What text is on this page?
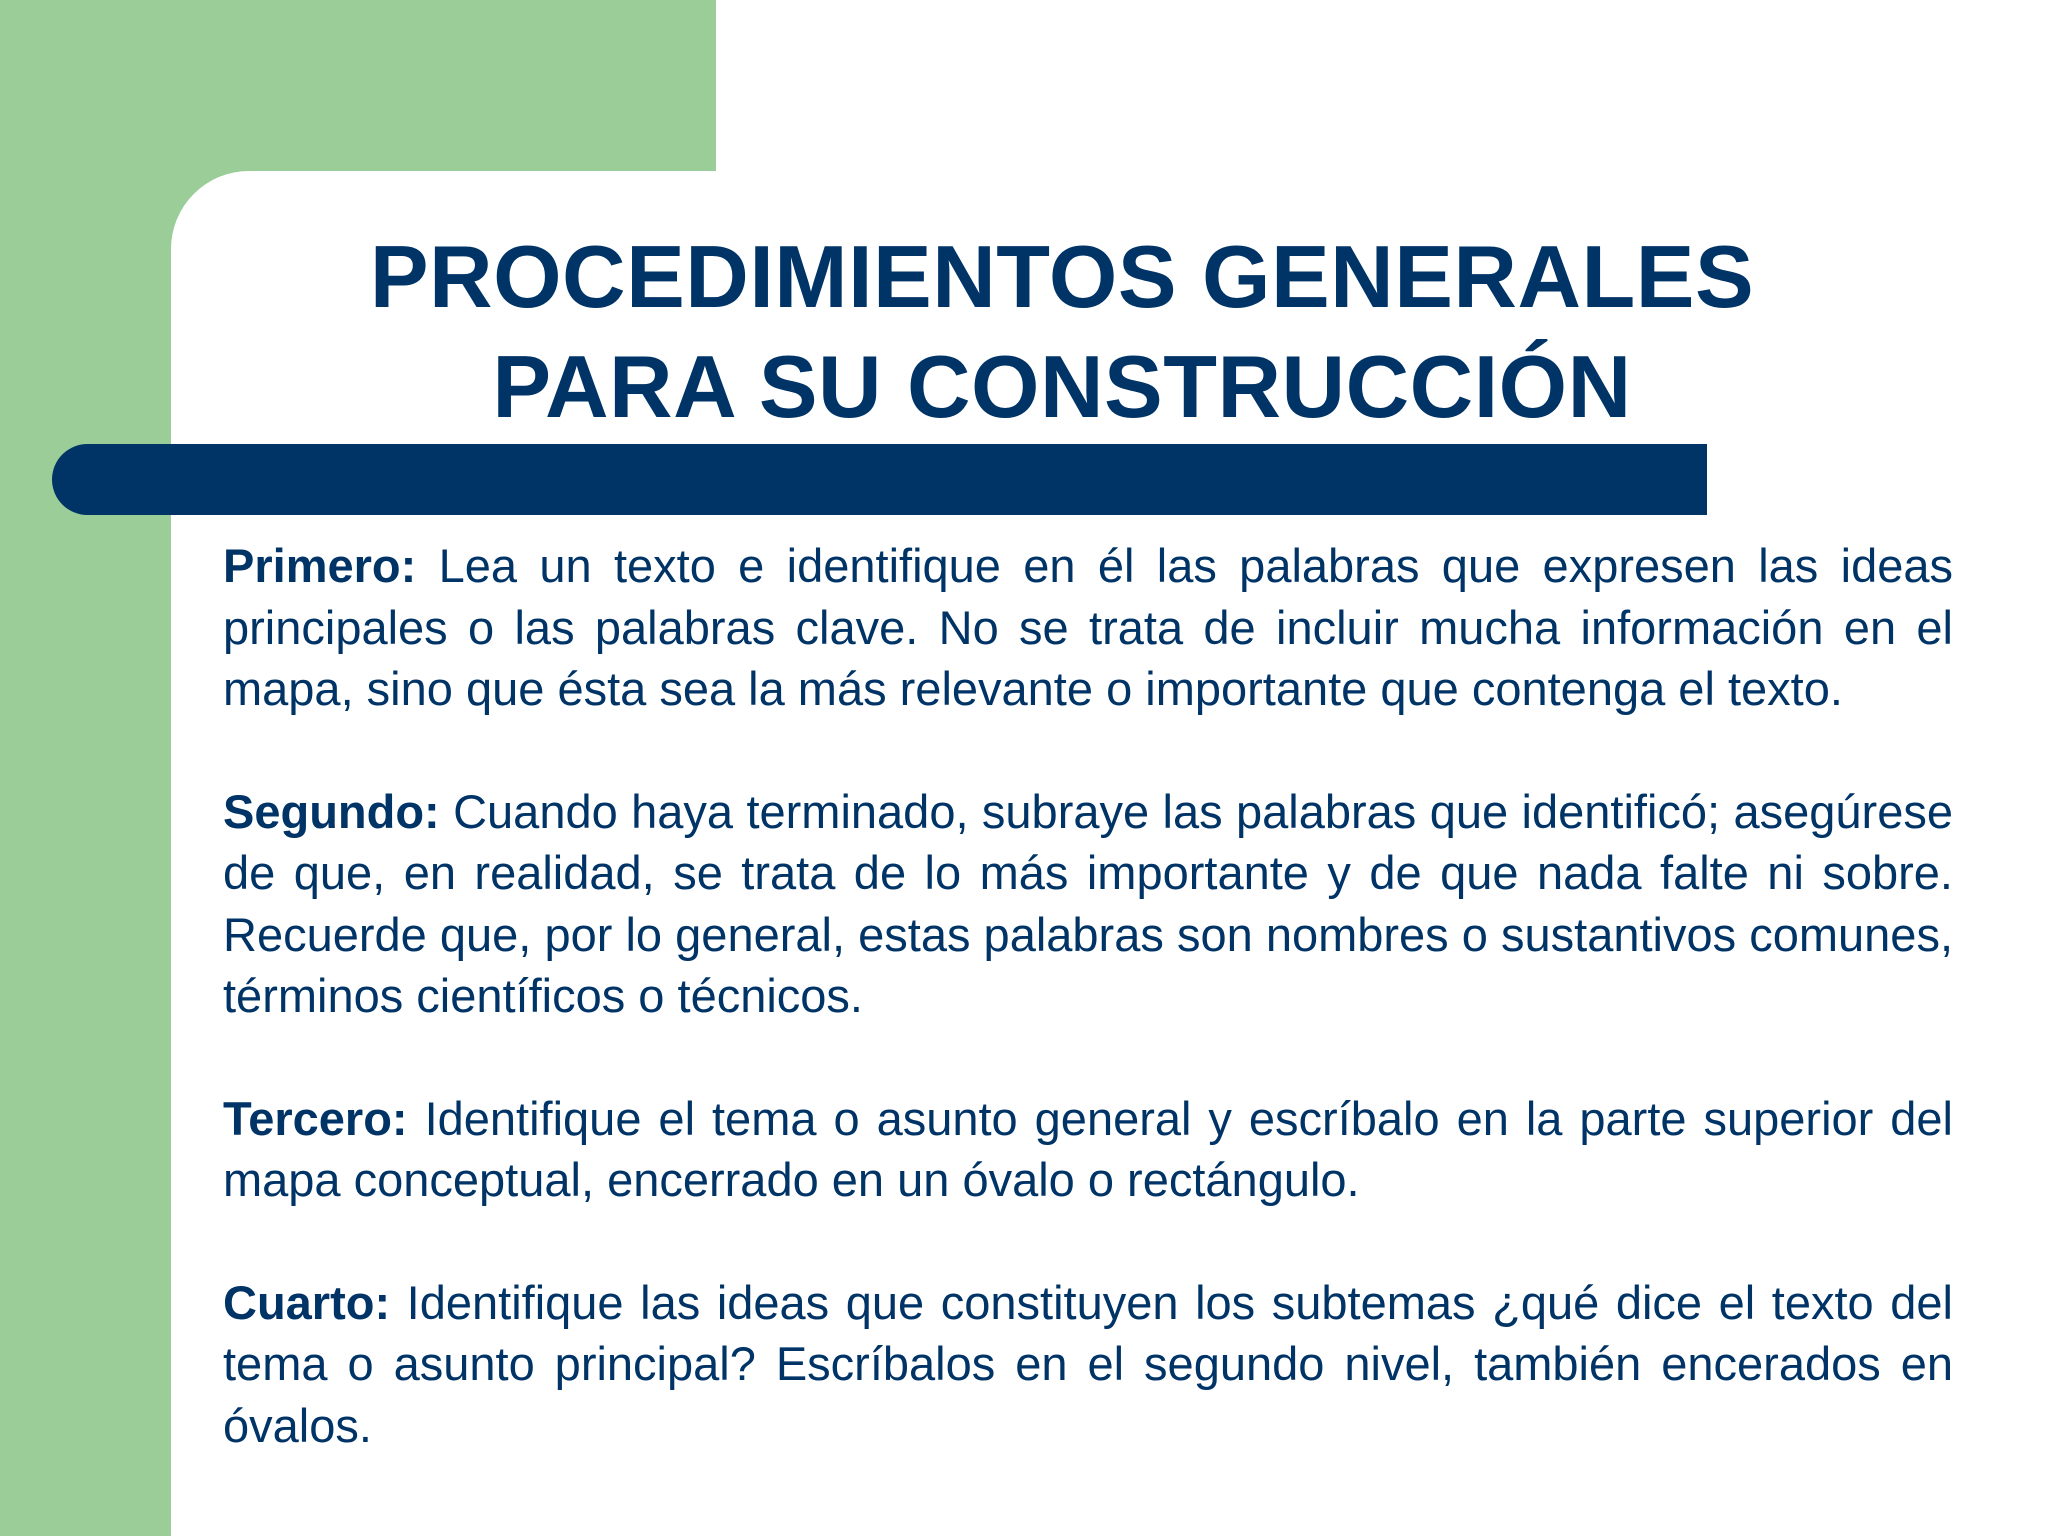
PROCEDIMIENTOS GENERALES
PARA SU CONSTRUCCIÓN

Primero: Lea un texto e identifique en él las palabras que expresen las ideas principales o las palabras clave. No se trata de incluir mucha información en el mapa, sino que ésta sea la más relevante o importante que contenga el texto.

Segundo: Cuando haya terminado, subraye las palabras que identificó; asegúrese de que, en realidad, se trata de lo más importante y de que nada falte ni sobre. Recuerde que, por lo general, estas palabras son nombres o sustantivos comunes, términos científicos o técnicos.

Tercero: Identifique el tema o asunto general y escríbalo en la parte superior del mapa conceptual, encerrado en un óvalo o rectángulo.

Cuarto: Identifique las ideas que constituyen los subtemas ¿qué dice el texto del tema o asunto principal? Escríbalos en el segundo nivel, también encerados en óvalos.
